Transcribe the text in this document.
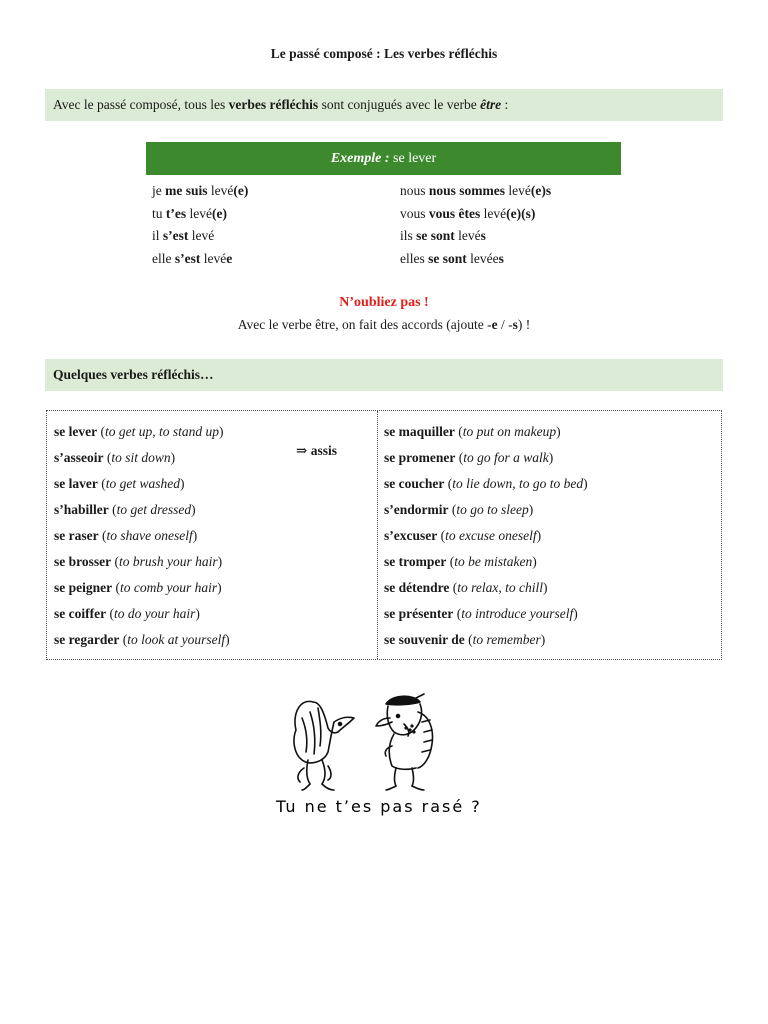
Le passé composé : Les verbes réfléchis
Avec le passé composé, tous les verbes réfléchis sont conjugués avec le verbe être :
Exemple : se lever
je me suis levé(e)
tu t’es levé(e)
il s’est levé
elle s’est levée
nous nous sommes levé(e)s
vous vous êtes levé(e)(s)
ils se sont levés
elles se sont levées
N’oubliez pas !
Avec le verbe être, on fait des accords (ajoute -e / -s) !
Quelques verbes réfléchis…
se lever (to get up, to stand up)
s’asseoir (to sit down)
se laver (to get washed)
s’habiller (to get dressed)
se raser (to shave oneself)
se brosser (to brush your hair)
se peigner (to comb your hair)
se coiffer (to do your hair)
se regarder (to look at yourself)
se maquiller (to put on makeup)
se promener (to go for a walk)
se coucher (to lie down, to go to bed)
s’endormir (to go to sleep)
s’excuser (to excuse oneself)
se tromper (to be mistaken)
se détendre (to relax, to chill)
se présenter (to introduce yourself)
se souvenir de (to remember)
⇒ assis
Tu ne t’es pas rasé ?
